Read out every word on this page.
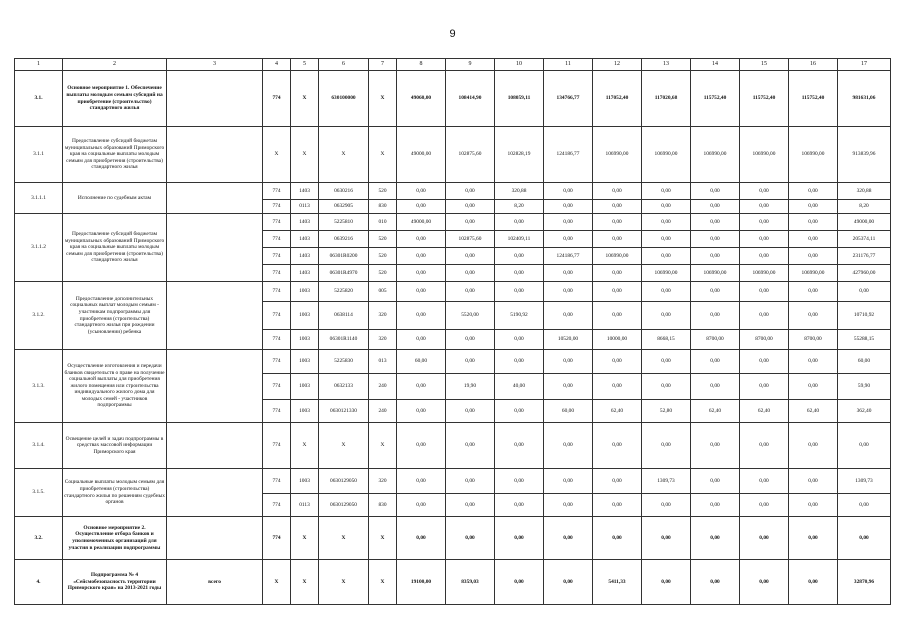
9
1	2	3	4	5	6	7	8	9	10	11	12	13	14	15	16	17
3.1.	Основное мероприятие 1. Обеспечение выплаты молодым семьям субсидий на приобретение (строительство) стандартного жилья		774	X	630100000	X	49060,00	108414,90	108059,11	134766,77	117052,40	117020,68	115752,40	115752,40	115752,40	981631,06
3.1.1	Предоставление субсидий бюджетам муниципальных образований Приморского края на социальные выплаты молодым семьям для приобретения (строительства) стандартного жилья		X	X	X	X	49000,00	102875,60	102828,19	124186,77	106990,00	106990,00	106990,00	106990,00	106990,00	913839,96
3.1.1.1	Исполнение по судебным актам		774	1403	0630216	520	0,00	0,00	320,88	0,00	0,00	0,00	0,00	0,00	0,00	320,88
			774	0113	0632905	830	0,00	0,00	8,20	0,00	0,00	0,00	0,00	0,00	0,00	8,20
3.1.1.2	Предоставление субсидий бюджетам муниципальных образований Приморского края на социальные выплаты молодым семьям для приобретения (строительства) стандартного жилья		774	1403	5225810	010	49000,00	0,00	0,00	0,00	0,00	0,00	0,00	0,00	0,00	49000,00
			774	1403	0639216	520	0,00	102875,60	102409,11	0,00	0,00	0,00	0,00	0,00	0,00	205374,11
			774	1403	06301R0200	520	0,00	0,00	0,00	124186,77	106990,00	0,00	0,00	0,00	0,00	231176,77
			774	1403	06301R4970	520	0,00	0,00	0,00	0,00	0,00	106990,00	106990,00	106990,00	106990,00	427960,00
3.1.2.	Предоставление дополнительных социальных выплат молодым семьям - участникам подпрограммы для приобретения (строительства) стандартного жилья при рождении (усыновлении) ребенка		774	1003	5225820	005	0,00	0,00	0,00	0,00	0,00	0,00	0,00	0,00	0,00	0,00
			774	1003	0638114	320	0,00	5520,00	5190,92	0,00	0,00	0,00	0,00	0,00	0,00	10710,92
			774	1003	06301R1140	320	0,00	0,00	0,00	10520,00	10000,00	8668,15	8700,00	8700,00	8700,00	55288,15
3.1.3.	Осуществление изготовления и передачи бланков свидетельств о праве на получение социальной выплаты для приобретения жилого помещения или строительства индивидуального жилого дома для молодых семей - участников подпрограммы		774	1003	5225830	013	60,00	0,00	0,00	0,00	0,00	0,00	0,00	0,00	0,00	60,00
			774	1003	0632133	240	0,00	19,90	40,00	0,00	0,00	0,00	0,00	0,00	0,00	59,90
			774	1003	0630121330	240	0,00	0,00	0,00	60,00	62,40	52,80	62,40	62,40	62,40	362,40
3.1.4.	Освещение целей и задач подпрограммы в средствах массовой информации Приморского края		774	X	X	X	0,00	0,00	0,00	0,00	0,00	0,00	0,00	0,00	0,00	0,00
3.1.5.	Социальные выплаты молодым семьям для приобретения (строительства) стандартного жилья по решениям судебных органов		774	1003	0630129050	320	0,00	0,00	0,00	0,00	0,00	1309,73	0,00	0,00	0,00	1309,73
			774	0113	0630129050	830	0,00	0,00	0,00	0,00	0,00	0,00	0,00	0,00	0,00	0,00
3.2.	Основное мероприятие 2. Осуществление отбора банков и уполномоченных организаций для участия в реализации подпрограммы		774	X	X	X	0,00	0,00	0,00	0,00	0,00	0,00	0,00	0,00	0,00	0,00
4.	Подпрограмма № 4 «Сейсмобезопасность территории Приморского края» на 2013-2021 годы	всего	X	X	X	X	19100,00	8359,03	0,00	0,00	5411,33	0,00	0,00	0,00	0,00	32870,96
